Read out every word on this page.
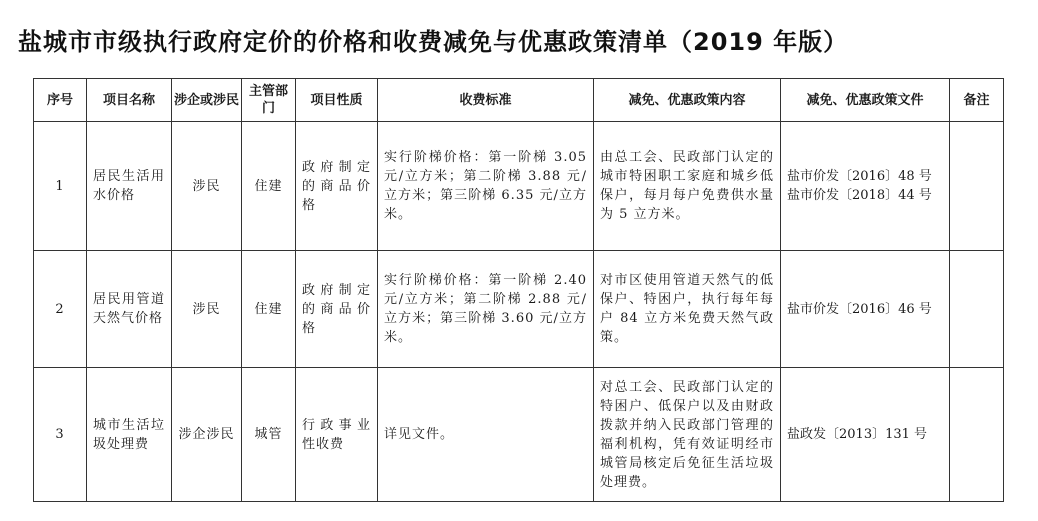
盐城市市级执行政府定价的价格和收费减免与优惠政策清单（2019 年版）
序号	项目名称	涉企或涉民	主管部门	项目性质	收费标准	减免、优惠政策内容	减免、优惠政策文件	备注
1	居民生活用水价格	涉民	住建	政府制定的商品价格	实行阶梯价格：第一阶梯 3.05 元/立方米；第二阶梯 3.88 元/立方米；第三阶梯 6.35 元/立方米。	由总工会、民政部门认定的城市特困职工家庭和城乡低保户，每月每户免费供水量为 5 立方米。	盐市价发〔2016〕48 号
盐市价发〔2018〕44 号	

2	居民用管道天然气价格	涉民	住建	政府制定的商品价格	实行阶梯价格：第一阶梯 2.40 元/立方米；第二阶梯 2.88 元/立方米；第三阶梯 3.60 元/立方米。	对市区使用管道天然气的低保户、特困户，执行每年每户 84 立方米免费天然气政策。	盐市价发〔2016〕46 号	

3	城市生活垃圾处理费	涉企涉民	城管	行政事业性收费	详见文件。	对总工会、民政部门认定的特困户、低保户以及由财政拨款并纳入民政部门管理的福利机构，凭有效证明经市城管局核定后免征生活垃圾处理费。	盐政发〔2013〕131 号	
